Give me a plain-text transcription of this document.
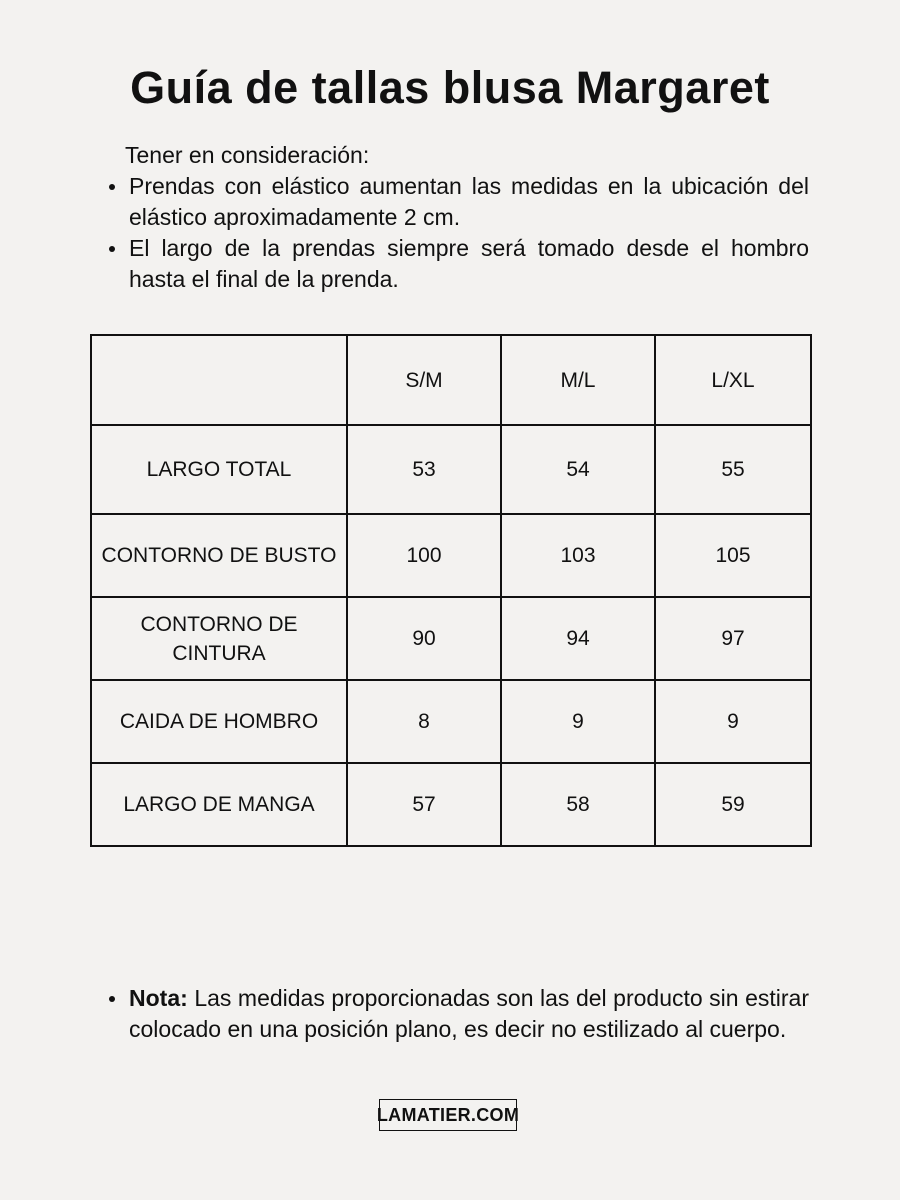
Guía de tallas blusa Margaret

Tener en consideración:

Prendas con elástico aumentan las medidas en la ubicación del elástico aproximadamente 2 cm.
El largo de la prendas siempre será tomado desde el hombro hasta el final de la prenda.
	S/M	M/L	L/XL
LARGO TOTAL	53	54	55
CONTORNO DE BUSTO	100	103	105
CONTORNO DE CINTURA	90	94	97
CAIDA DE HOMBRO	8	9	9
LARGO DE MANGA	57	58	59
Nota: Las medidas proporcionadas son las del producto sin estirar colocado en una posición plano, es decir no estilizado al cuerpo.
LAMATIER.COM
